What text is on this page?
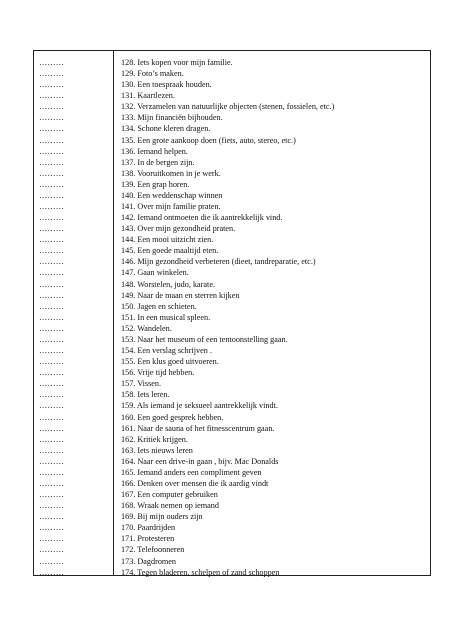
………	128. Iets kopen voor mijn familie.
………	129. Foto’s maken.
………	130. Een toespraak houden.
………	131. Kaartlezen.
………	132. Verzamelen van natuurlijke objecten (stenen, fossielen, etc.)
………	133. Mijn financiën bijhouden.
………	134. Schone kleren dragen.
………	135. Een grote aankoop doen (fiets, auto, stereo, etc.)
………	136. Iemand helpen.
………	137. In de bergen zijn.
………	138. Vooruitkomen in je werk.
………	139. Een grap horen.
………	140. Een weddenschap winnen
………	141. Over mijn familie praten.
………	142. Iemand ontmoeten die ik aantrekkelijk vind.
………	143. Over mijn gezondheid praten.
………	144. Een mooi uitzicht zien.
………	145. Een goede maaltijd eten.
………	146. Mijn gezondheid verbeteren (dieet, tandreparatie, etc.)
………	147. Gaan winkelen.
………	148. Worstelen, judo, karate.
………	149. Naar de maan en sterren kijken
………	150. Jagen en schieten.
………	151. In een musical spleen.
………	152. Wandelen.
………	153. Naar het museum of een tentoonstelling gaan.
………	154. Een verslag schrijven .
………	155. Een klus goed uitvoeren.
………	156. Vrije tijd hebben.
………	157. Vissen.
………	158. Iets leren.
………	159. Als iemand je seksueel aantrekkelijk vindt.
………	160. Een goed gesprek hebben.
………	161. Naar de sauna of het fitnesscentrum gaan.
………	162. Kritiek krijgen.
………	163. Iets nieuws leren
………	164. Naar een drive-in gaan , bijv. Mac Donalds
………	165. Iemand anders een compliment geven
………	166. Denken over mensen die ik aardig vindt
………	167. Een computer gebruiken
………	168. Wraak nemen op iemand
………	169. Bij mijn ouders zijn
………	170. Paardrijden
………	171. Protesteren
………	172. Telefoonneren
………	173. Dagdromen
………	174. Tegen bladeren, schelpen of zand schoppen
